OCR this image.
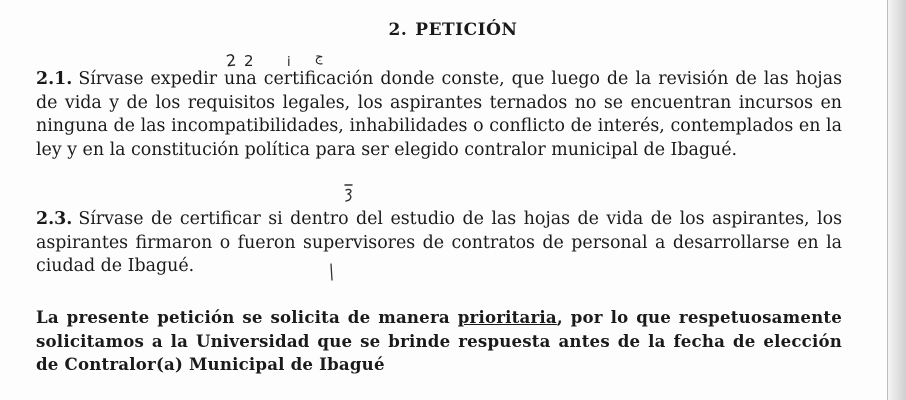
2. PETICIÓN
2 2	i ج
2.1. Sírvase expedir una certificación donde conste, que luego de la revisión de las hojas de vida y de los requisitos legales, los aspirantes ternados no se encuentran incursos en ninguna de las incompatibilidades, inhabilidades o conflicto de interés, contemplados en la ley y en la constitución política para ser elegido contralor municipal de Ibagué.
2.3. Sírvase de certificar si dentro del estudio de las hojas de vida de los aspirantes, los aspirantes firmaron o fueron supervisores de contratos de personal a desarrollarse en la ciudad de Ibagué.
La presente petición se solicita de manera prioritaria, por lo que respetuosamente solicitamos a la Universidad que se brinde respuesta antes de la fecha de elección de Contralor(a) Municipal de Ibagué
